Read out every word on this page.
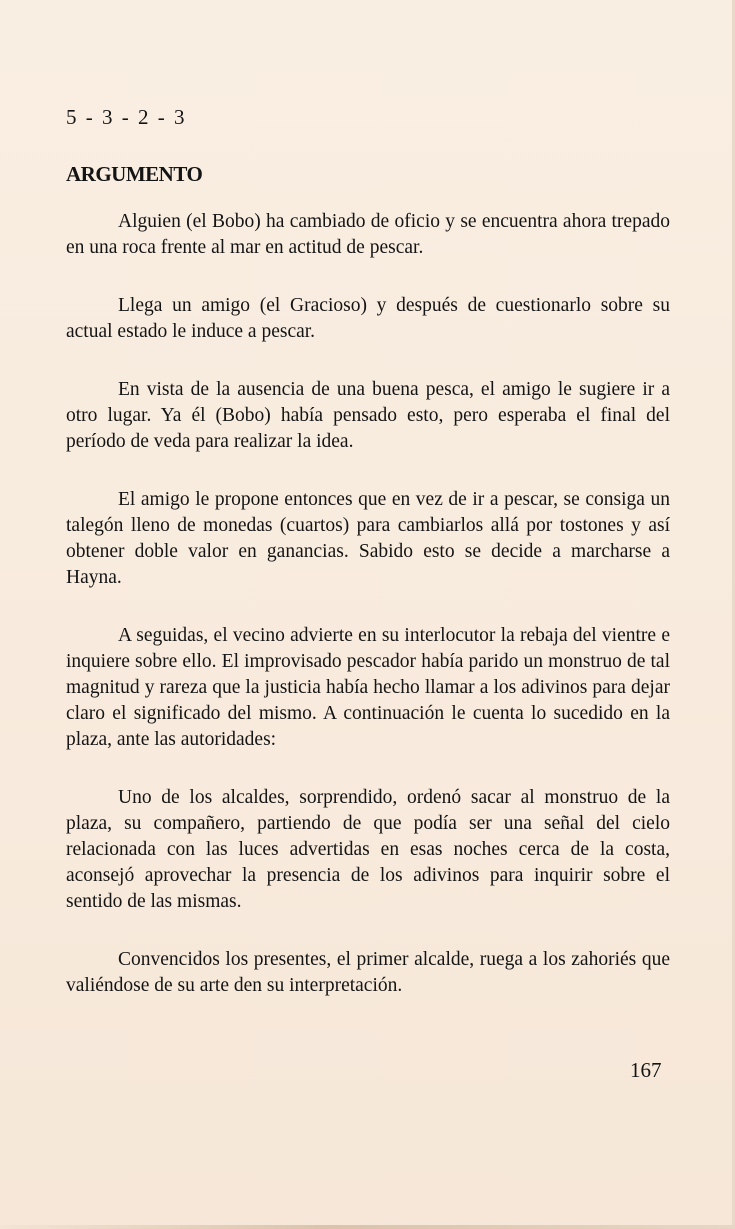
5 - 3 - 2 - 3
ARGUMENTO

Alguien (el Bobo) ha cambiado de oficio y se encuentra ahora trepado en una roca frente al mar en actitud de pescar.

Llega un amigo (el Gracioso) y después de cuestionarlo sobre su actual estado le induce a pescar.

En vista de la ausencia de una buena pesca, el amigo le sugiere ir a otro lugar. Ya él (Bobo) había pensado esto, pero esperaba el final del período de veda para realizar la idea.

El amigo le propone entonces que en vez de ir a pescar, se consiga un talegón lleno de monedas (cuartos) para cambiarlos allá por tostones y así obtener doble valor en ganancias. Sabido esto se decide a marcharse a Hayna.

A seguidas, el vecino advierte en su interlocutor la rebaja del vientre e inquiere sobre ello. El improvisado pescador había parido un monstruo de tal magnitud y rareza que la justicia había hecho llamar a los adivinos para dejar claro el significado del mismo. A continuación le cuenta lo sucedido en la plaza, ante las autoridades:

Uno de los alcaldes, sorprendido, ordenó sacar al monstruo de la plaza, su compañero, partiendo de que podía ser una señal del cielo relacionada con las luces advertidas en esas noches cerca de la costa, aconsejó aprovechar la presencia de los adivinos para inquirir sobre el sentido de las mismas.

Convencidos los presentes, el primer alcalde, ruega a los zahoriés que valiéndose de su arte den su interpretación.

167
